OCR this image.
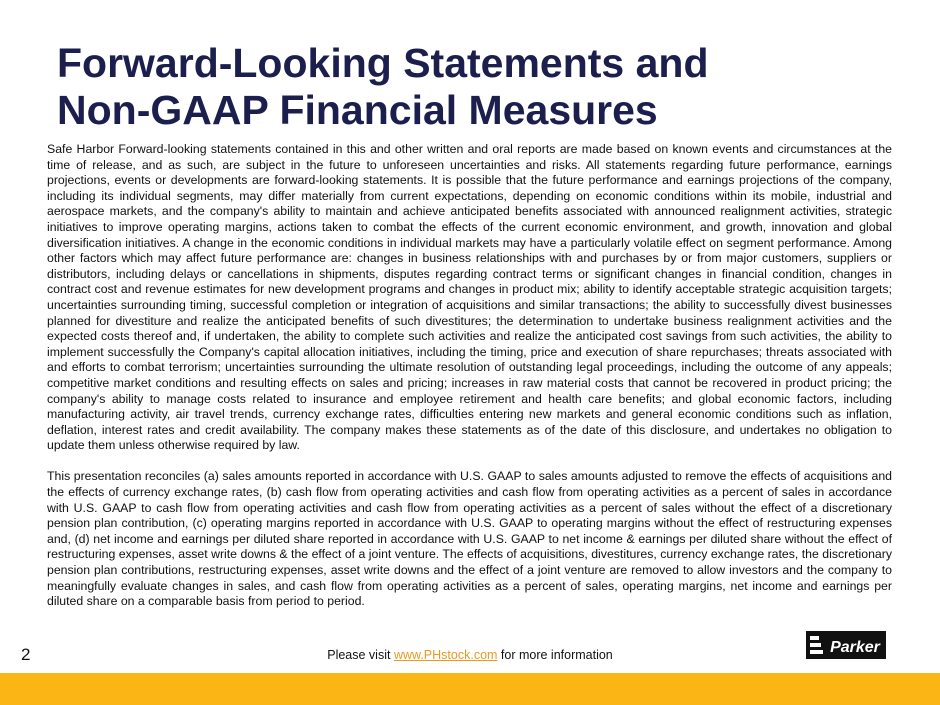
Forward-Looking Statements and
Non-GAAP Financial Measures

Safe Harbor Forward-looking statements contained in this and other written and oral reports are made based on known events and circumstances at the time of release, and as such, are subject in the future to unforeseen uncertainties and risks. All statements regarding future performance, earnings projections, events or developments are forward-looking statements. It is possible that the future performance and earnings projections of the company, including its individual segments, may differ materially from current expectations, depending on economic conditions within its mobile, industrial and aerospace markets, and the company's ability to maintain and achieve anticipated benefits associated with announced realignment activities, strategic initiatives to improve operating margins, actions taken to combat the effects of the current economic environment, and growth, innovation and global diversification initiatives. A change in the economic conditions in individual markets may have a particularly volatile effect on segment performance. Among other factors which may affect future performance are: changes in business relationships with and purchases by or from major customers, suppliers or distributors, including delays or cancellations in shipments, disputes regarding contract terms or significant changes in financial condition, changes in contract cost and revenue estimates for new development programs and changes in product mix; ability to identify acceptable strategic acquisition targets; uncertainties surrounding timing, successful completion or integration of acquisitions and similar transactions; the ability to successfully divest businesses planned for divestiture and realize the anticipated benefits of such divestitures; the determination to undertake business realignment activities and the expected costs thereof and, if undertaken, the ability to complete such activities and realize the anticipated cost savings from such activities, the ability to implement successfully the Company's capital allocation initiatives, including the timing, price and execution of share repurchases; threats associated with and efforts to combat terrorism; uncertainties surrounding the ultimate resolution of outstanding legal proceedings, including the outcome of any appeals; competitive market conditions and resulting effects on sales and pricing; increases in raw material costs that cannot be recovered in product pricing; the company's ability to manage costs related to insurance and employee retirement and health care benefits; and global economic factors, including manufacturing activity, air travel trends, currency exchange rates, difficulties entering new markets and general economic conditions such as inflation, deflation, interest rates and credit availability. The company makes these statements as of the date of this disclosure, and undertakes no obligation to update them unless otherwise required by law.

This presentation reconciles (a) sales amounts reported in accordance with U.S. GAAP to sales amounts adjusted to remove the effects of acquisitions and the effects of currency exchange rates, (b) cash flow from operating activities and cash flow from operating activities as a percent of sales in accordance with U.S. GAAP to cash flow from operating activities and cash flow from operating activities as a percent of sales without the effect of a discretionary pension plan contribution, (c) operating margins reported in accordance with U.S. GAAP to operating margins without the effect of restructuring expenses and, (d) net income and earnings per diluted share reported in accordance with U.S. GAAP to net income & earnings per diluted share without the effect of restructuring expenses, asset write downs & the effect of a joint venture. The effects of acquisitions, divestitures, currency exchange rates, the discretionary pension plan contributions, restructuring expenses, asset write downs and the effect of a joint venture are removed to allow investors and the company to meaningfully evaluate changes in sales, and cash flow from operating activities as a percent of sales, operating margins, net income and earnings per diluted share on a comparable basis from period to period.

2	Please visit www.PHstock.com for more information	Parker
